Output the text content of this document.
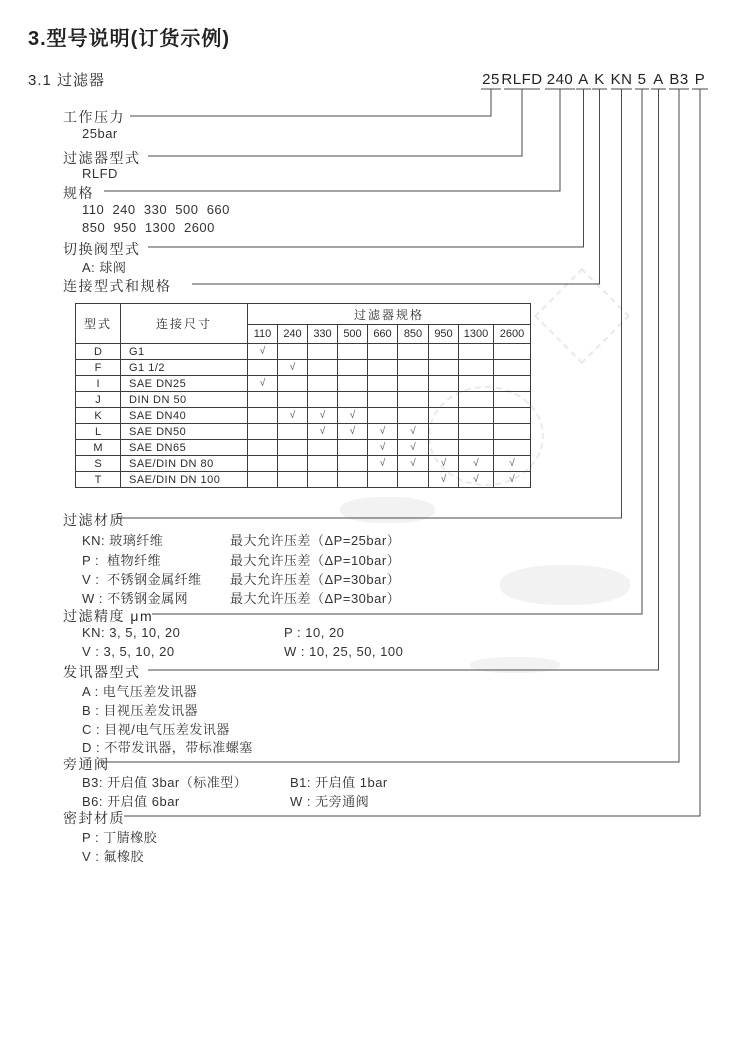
3.型号说明(订货示例)
3.1 过滤器	25 RLFD 240 A K KN 5 A B3 P
工作压力
25bar
过滤器型式
RLFD
规格
110  240  330  500  660
850  950  1300  2600
切换阀型式
A: 球阀
连接型式和规格
型式	连接尺寸	过滤器规格								
		110	240	330	500	660	850	950	1300	2600
D	G1	√								
F	G1 1/2		√							
I	SAE DN25	√								
J	DIN DN 50									
K	SAE DN40		√	√	√					
L	SAE DN50			√	√	√	√			
M	SAE DN65					√	√			
S	SAE/DIN DN 80					√	√	√	√	√
T	SAE/DIN DN 100							√	√	√
过滤材质
KN: 玻璃纤维	最大允许压差（ΔP=25bar）
P : 植物纤维	最大允许压差（ΔP=10bar）
V : 不锈钢金属纤维 最大允许压差（ΔP=30bar）
W : 不锈钢金属网	最大允许压差（ΔP=30bar）
过滤精度 μm
KN: 3, 5, 10, 20	P : 10, 20
V : 3, 5, 10, 20	W : 10, 25, 50, 100
发讯器型式
A : 电气压差发讯器
B : 目视压差发讯器
C : 目视/电气压差发讯器
D : 不带发讯器，带标准螺塞
旁通阀
B3: 开启值 3bar（标准型）	B1: 开启值 1bar
B6: 开启值 6bar	W : 无旁通阀
密封材质
P : 丁腈橡胶
V : 氟橡胶
